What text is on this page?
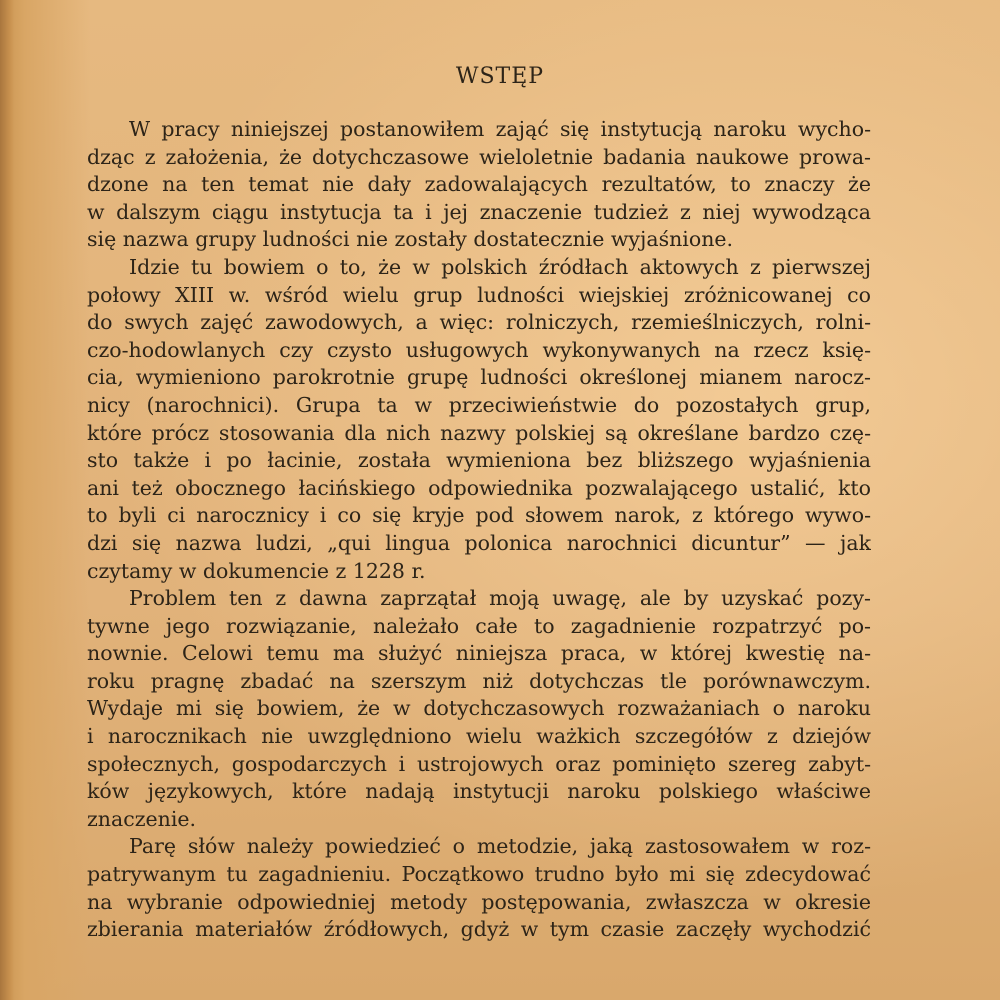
WSTĘP
W pracy niniejszej postanowiłem zająć się instytucją naroku wycho-
dząc z założenia, że dotychczasowe wieloletnie badania naukowe prowa-
dzone na ten temat nie dały zadowalających rezultatów, to znaczy że
w dalszym ciągu instytucja ta i jej znaczenie tudzież z niej wywodząca
się nazwa grupy ludności nie zostały dostatecznie wyjaśnione.
Idzie tu bowiem o to, że w polskich źródłach aktowych z pierwszej
połowy XIII w. wśród wielu grup ludności wiejskiej zróżnicowanej co
do swych zajęć zawodowych, a więc: rolniczych, rzemieślniczych, rolni-
czo-hodowlanych czy czysto usługowych wykonywanych na rzecz księ-
cia, wymieniono parokrotnie grupę ludności określonej mianem narocz-
nicy (narochnici). Grupa ta w przeciwieństwie do pozostałych grup,
które prócz stosowania dla nich nazwy polskiej są określane bardzo czę-
sto także i po łacinie, została wymieniona bez bliższego wyjaśnienia
ani też obocznego łacińskiego odpowiednika pozwalającego ustalić, kto
to byli ci narocznicy i co się kryje pod słowem narok, z którego wywo-
dzi się nazwa ludzi, „qui lingua polonica narochnici dicuntur” — jak
czytamy w dokumencie z 1228 r.
Problem ten z dawna zaprzątał moją uwagę, ale by uzyskać pozy-
tywne jego rozwiązanie, należało całe to zagadnienie rozpatrzyć po-
nownie. Celowi temu ma służyć niniejsza praca, w której kwestię na-
roku pragnę zbadać na szerszym niż dotychczas tle porównawczym.
Wydaje mi się bowiem, że w dotychczasowych rozważaniach o naroku
i narocznikach nie uwzględniono wielu ważkich szczegółów z dziejów
społecznych, gospodarczych i ustrojowych oraz pominięto szereg zabyt-
ków językowych, które nadają instytucji naroku polskiego właściwe
znaczenie.
Parę słów należy powiedzieć o metodzie, jaką zastosowałem w roz-
patrywanym tu zagadnieniu. Początkowo trudno było mi się zdecydować
na wybranie odpowiedniej metody postępowania, zwłaszcza w okresie
zbierania materiałów źródłowych, gdyż w tym czasie zaczęły wychodzić
